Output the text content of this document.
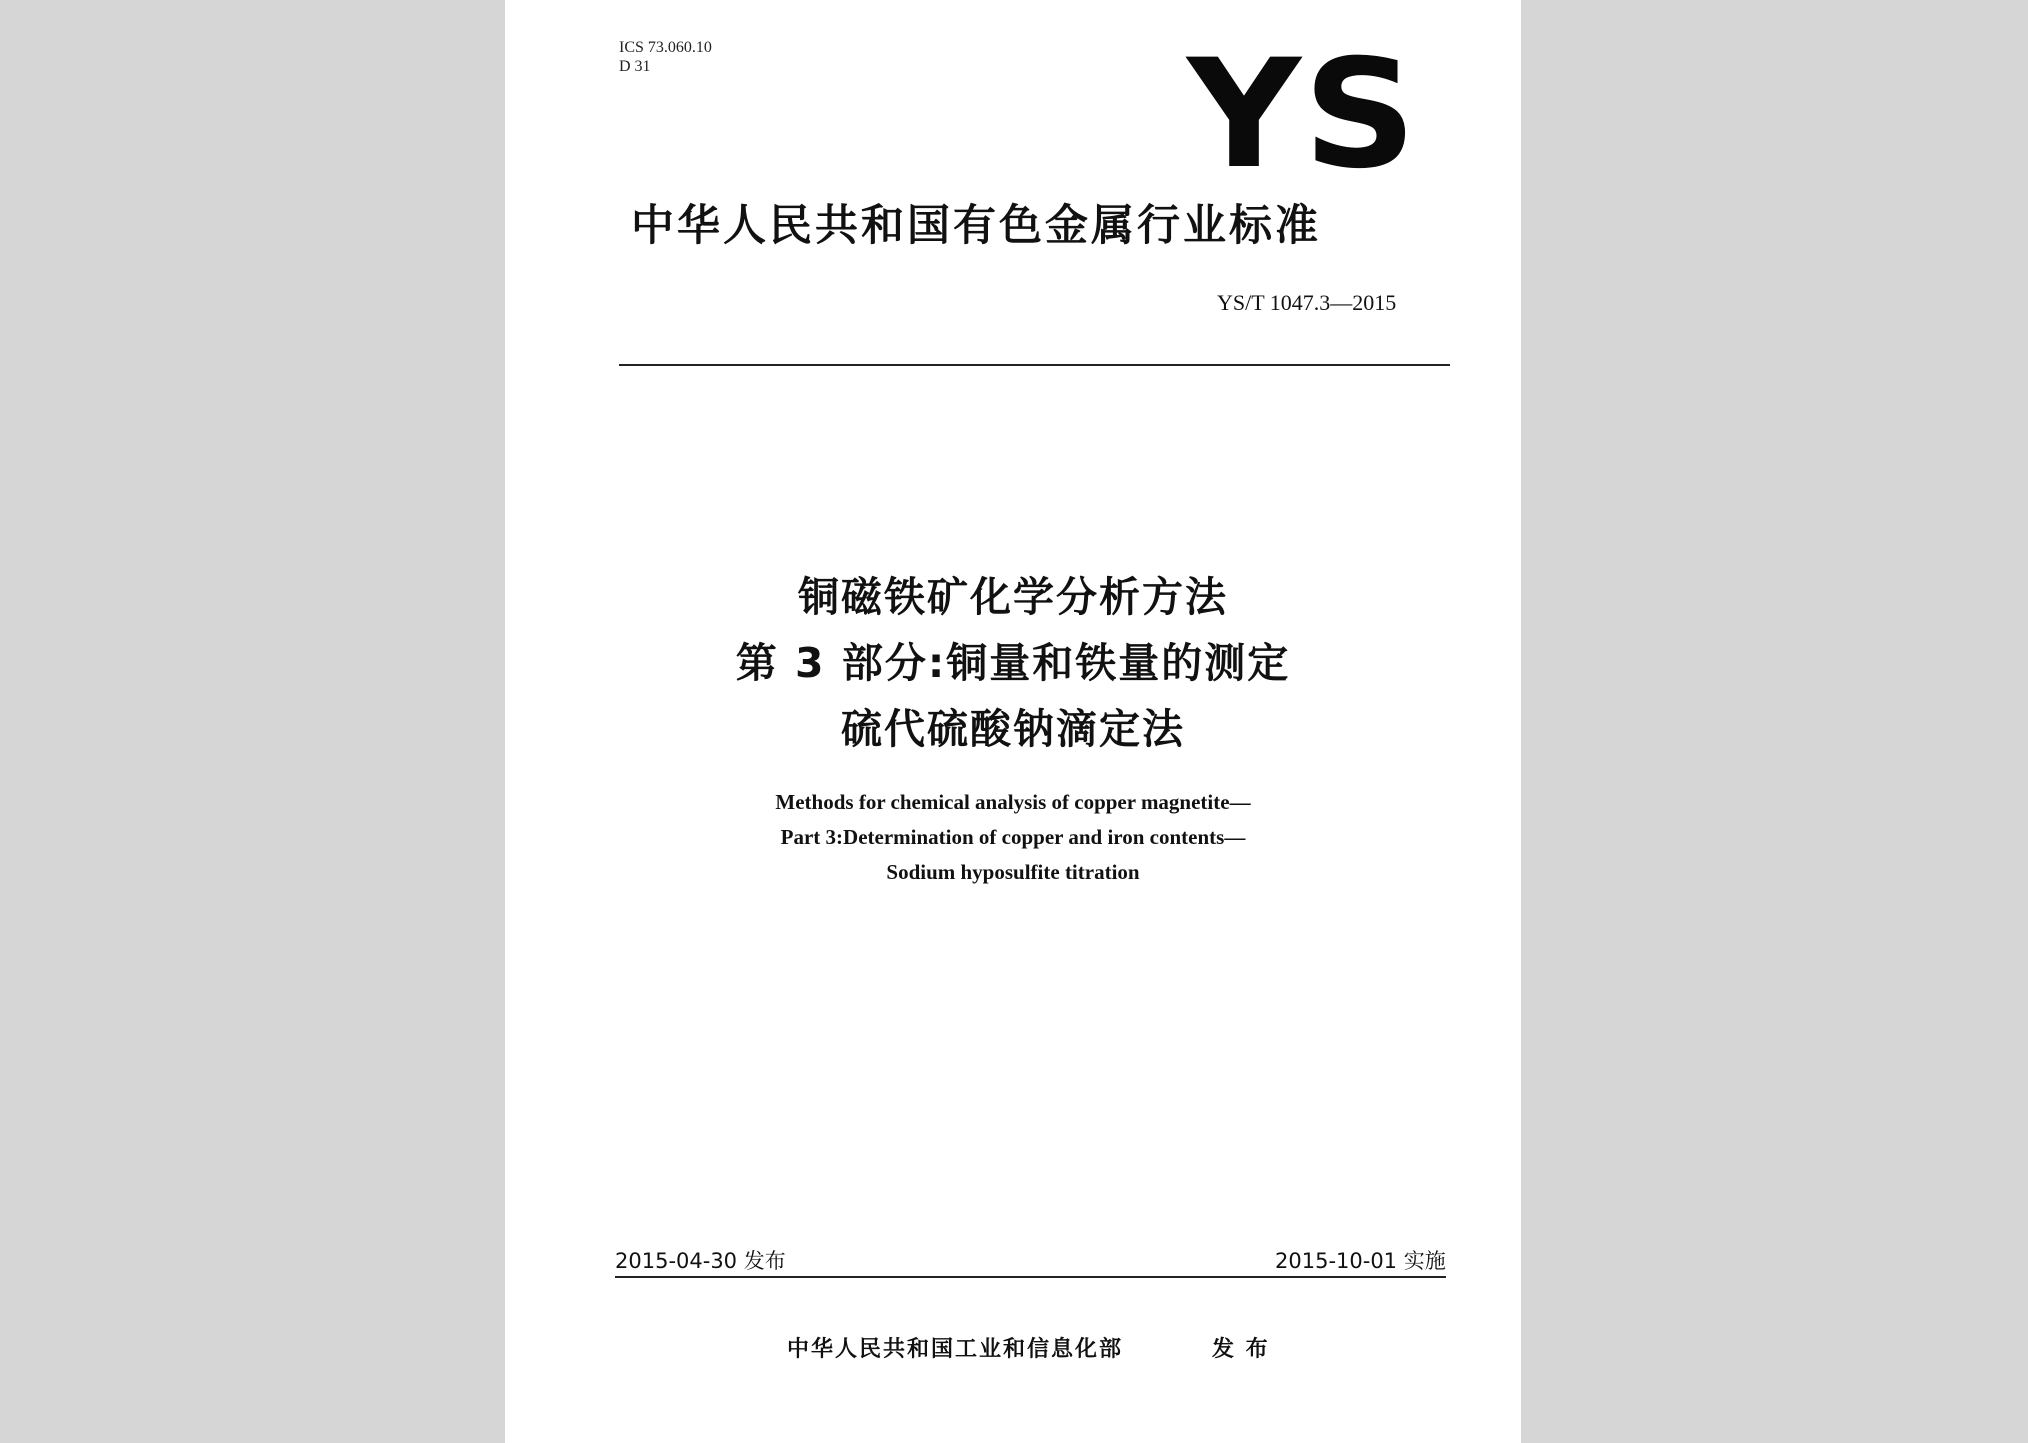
ICS 73.060.10
D 31	YS
中华人民共和国有色金属行业标准
YS/T 1047.3—2015
铜磁铁矿化学分析方法
第 3 部分:铜量和铁量的测定
硫代硫酸钠滴定法
Methods for chemical analysis of copper magnetite—
Part 3:Determination of copper and iron contents—
Sodium hyposulfite titration
2015-04-30 发布	2015-10-01 实施
中华人民共和国工业和信息化部	发 布
